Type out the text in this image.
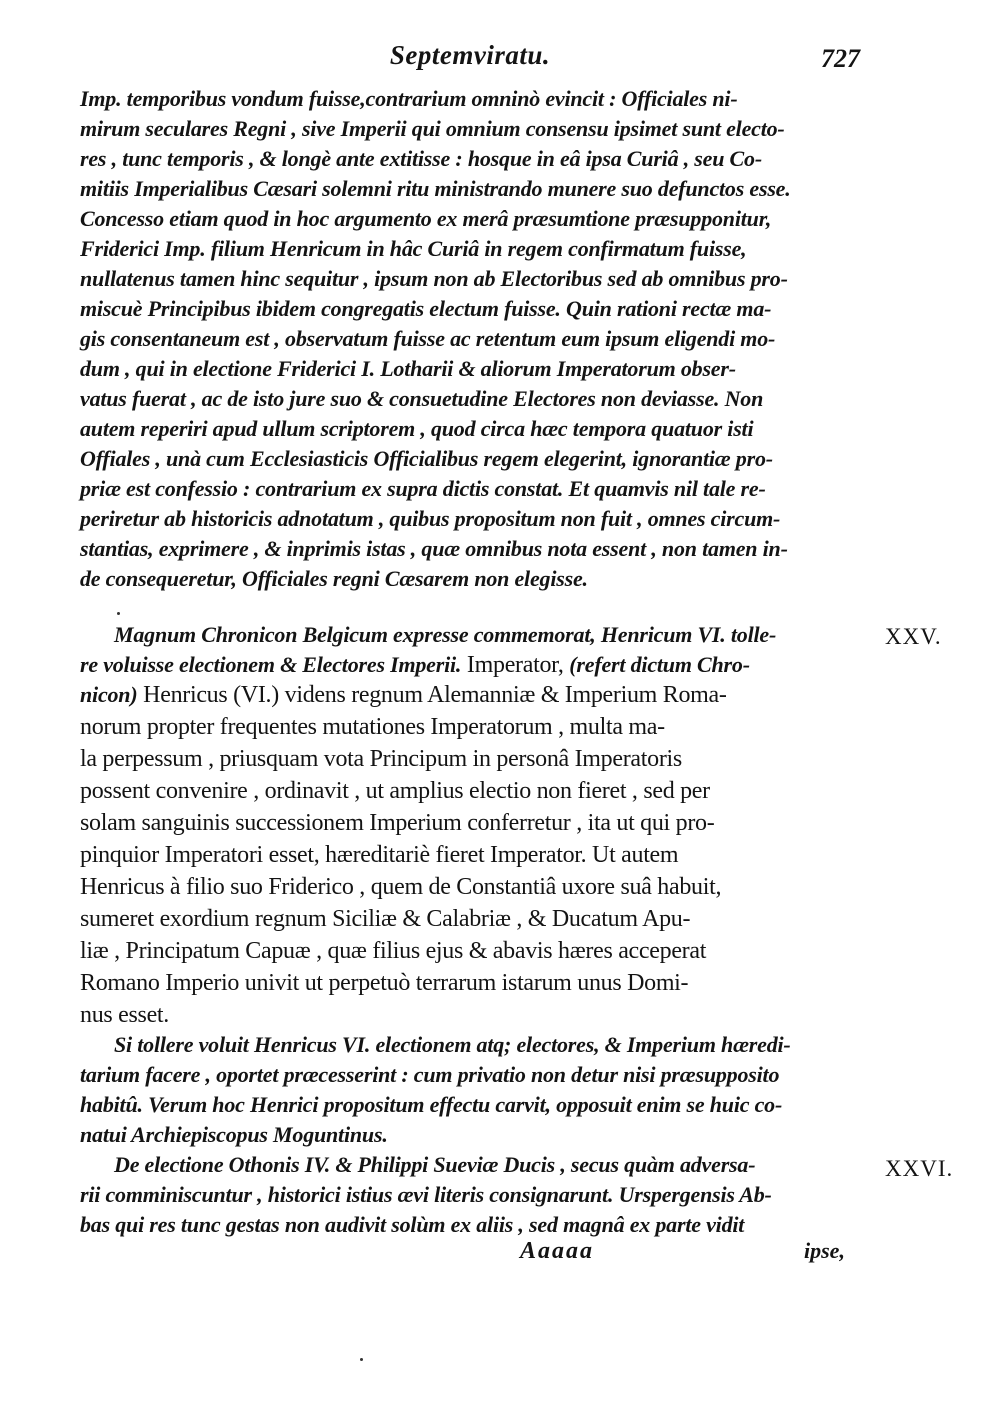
Septemviratu.	727
Imp. temporibus vondum fuisse,contrarium omninò evincit : Officiales ni-
mirum seculares Regni , sive Imperii qui omnium consensu ipsimet sunt electo-
res , tunc temporis , & longè ante extitisse : hosque in eâ ipsa Curiâ , seu Co-
mitiis Imperialibus Cæsari solemni ritu ministrando munere suo defunctos esse.
Concesso etiam quod in hoc argumento ex merâ præsumtione præsupponitur,
Friderici Imp. filium Henricum in hâc Curiâ in regem confirmatum fuisse,
nullatenus tamen hinc sequitur , ipsum non ab Electoribus sed ab omnibus pro-
miscuè Principibus ibidem congregatis electum fuisse. Quin rationi rectæ ma-
gis consentaneum est , observatum fuisse ac retentum eum ipsum eligendi mo-
dum , qui in electione Friderici I. Lotharii & aliorum Imperatorum obser-
vatus fuerat , ac de isto jure suo & consuetudine Electores non deviasse. Non
autem reperiri apud ullum scriptorem , quod circa hæc tempora quatuor isti
Offiales , unà cum Ecclesiasticis Officialibus regem elegerint, ignorantiæ pro-
priæ est confessio : contrarium ex supra dictis constat. Et quamvis nil tale re-
periretur ab historicis adnotatum , quibus propositum non fuit , omnes circum-
stantias, exprimere , & inprimis istas , quæ omnibus nota essent , non tamen in-
de consequeretur, Officiales regni Cæsarem non elegisse.
XXV.
Magnum Chronicon Belgicum expresse commemorat, Henricum VI. tolle-
re voluisse electionem & Electores Imperii. Imperator, (refert dictum Chro-
nicon) Henricus (VI.) videns regnum Alemanniæ & Imperium Roma-
norum propter frequentes mutationes Imperatorum , multa ma-
la perpessum , priusquam vota Principum in personâ Imperatoris
possent convenire , ordinavit , ut amplius electio non fieret , sed per
solam sanguinis successionem Imperium conferretur , ita ut qui pro-
pinquior Imperatori esset, hæreditariè fieret Imperator. Ut autem
Henricus à filio suo Friderico , quem de Constantiâ uxore suâ habuit,
sumeret exordium regnum Siciliæ & Calabriæ , & Ducatum Apu-
liæ , Principatum Capuæ , quæ filius ejus & abavis hæres acceperat
Romano Imperio univit ut perpetuò terrarum istarum unus Domi-
nus esset.
Si tollere voluit Henricus VI. electionem atq; electores, & Imperium hæredi-
tarium facere , oportet præcesserint : cum privatio non detur nisi præsupposito
habitû. Verum hoc Henrici propositum effectu carvit, opposuit enim se huic co-
natui Archiepiscopus Moguntinus.
XXVI.
De electione Othonis IV. & Philippi Sueviæ Ducis , secus quàm adversa-
rii comminiscuntur , historici istius ævi literis consignarunt. Urspergensis Ab-
bas qui res tunc gestas non audivit solùm ex aliis , sed magnâ ex parte vidit
Aaaaa	ipse,
